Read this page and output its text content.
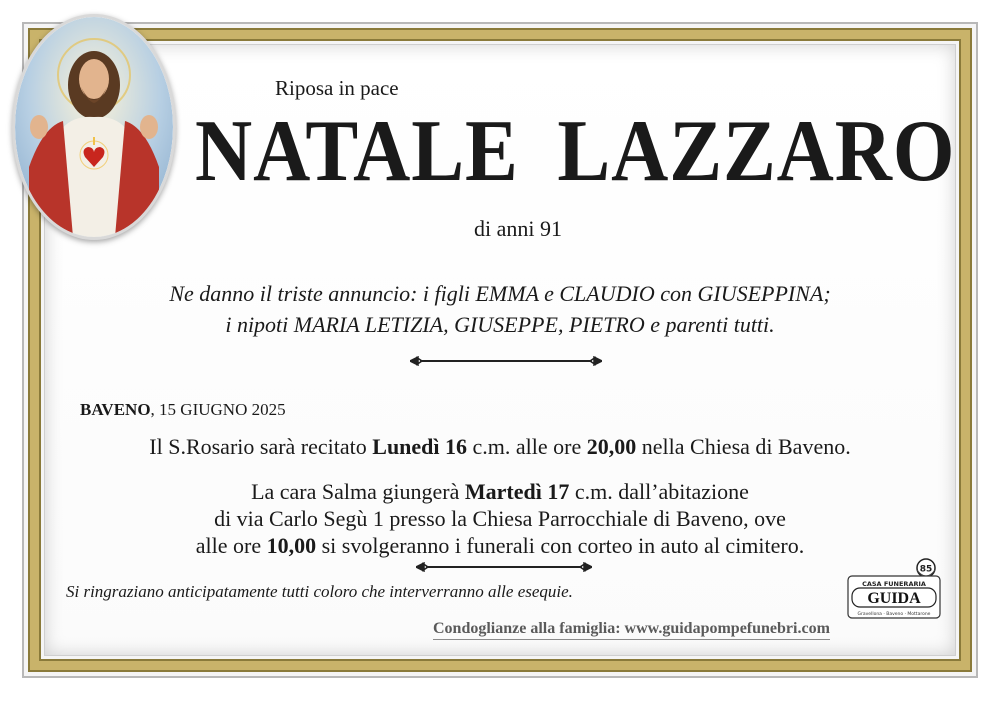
Riposa in pace

NATALE LAZZARO

di anni 91

Ne danno il triste annuncio: i figli EMMA e CLAUDIO con GIUSEPPINA;
i nipoti MARIA LETIZIA, GIUSEPPE, PIETRO e parenti tutti.

BAVENO, 15 GIUGNO 2025

Il S.Rosario sarà recitato Lunedì 16 c.m. alle ore 20,00 nella Chiesa di Baveno.

La cara Salma giungerà Martedì 17 c.m. dall’abitazione
di via Carlo Segù 1 presso la Chiesa Parrocchiale di Baveno, ove
alle ore 10,00 si svolgeranno i funerali con corteo in auto al cimitero.

Si ringraziano anticipatamente tutti coloro che interverranno alle esequie.

85
CASA FUNERARIA
GUIDA
Gravellona · Baveno · Mottarone

Condoglianze alla famiglia: www.guidapompefunebri.com
